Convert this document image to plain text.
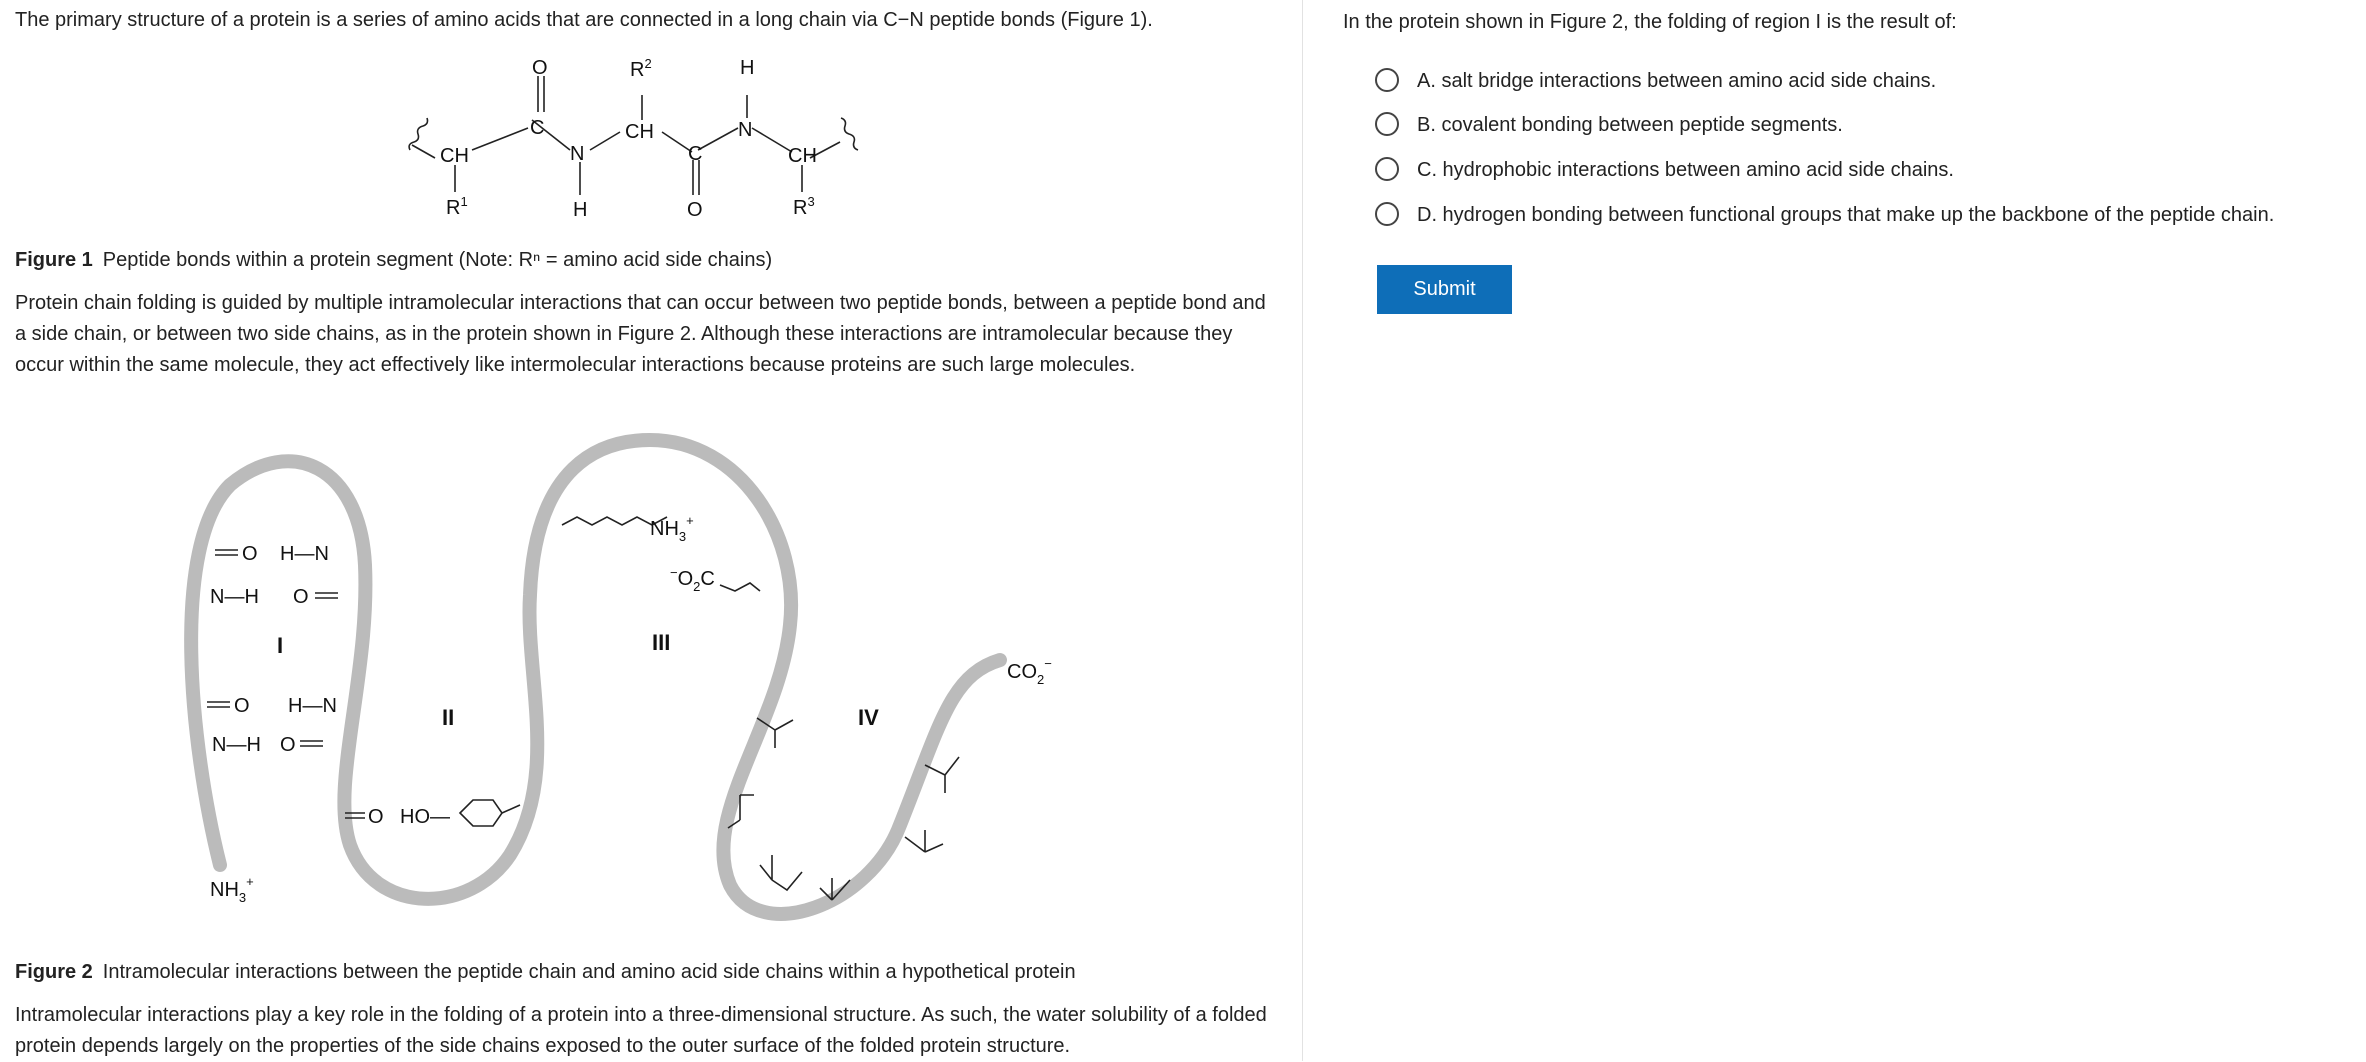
The primary structure of a protein is a series of amino acids that are connected in a long chain via C−N peptide bonds (Figure 1).

O	$R^2$	H
C
CH	N
CH
C
N
CH
$R^1$	H	O	$R^3$

Figure 1 Peptide bonds within a protein segment (Note: Rⁿ = amino acid side chains)

Protein chain folding is guided by multiple intramolecular interactions that can occur between two peptide bonds, between a peptide bond and a side chain, or between two side chains, as in the protein shown in Figure 2. Although these interactions are intramolecular because they occur within the same molecule, they act effectively like intermolecular interactions because proteins are such large molecules.

O H—N
N—H O
O H—N
N—H O
O HO—
$NH_3^+$
$^-O_2C$
$NH_3^+$
$CO_2^-$
I
II
III
IV

Figure 2 Intramolecular interactions between the peptide chain and amino acid side chains within a hypothetical protein

Intramolecular interactions play a key role in the folding of a protein into a three-dimensional structure. As such, the water solubility of a folded protein depends largely on the properties of the side chains exposed to the outer surface of the folded protein structure.

In the protein shown in Figure 2, the folding of region I is the result of:

A. salt bridge interactions between amino acid side chains.
B. covalent bonding between peptide segments.
C. hydrophobic interactions between amino acid side chains.
D. hydrogen bonding between functional groups that make up the backbone of the peptide chain.
Submit
